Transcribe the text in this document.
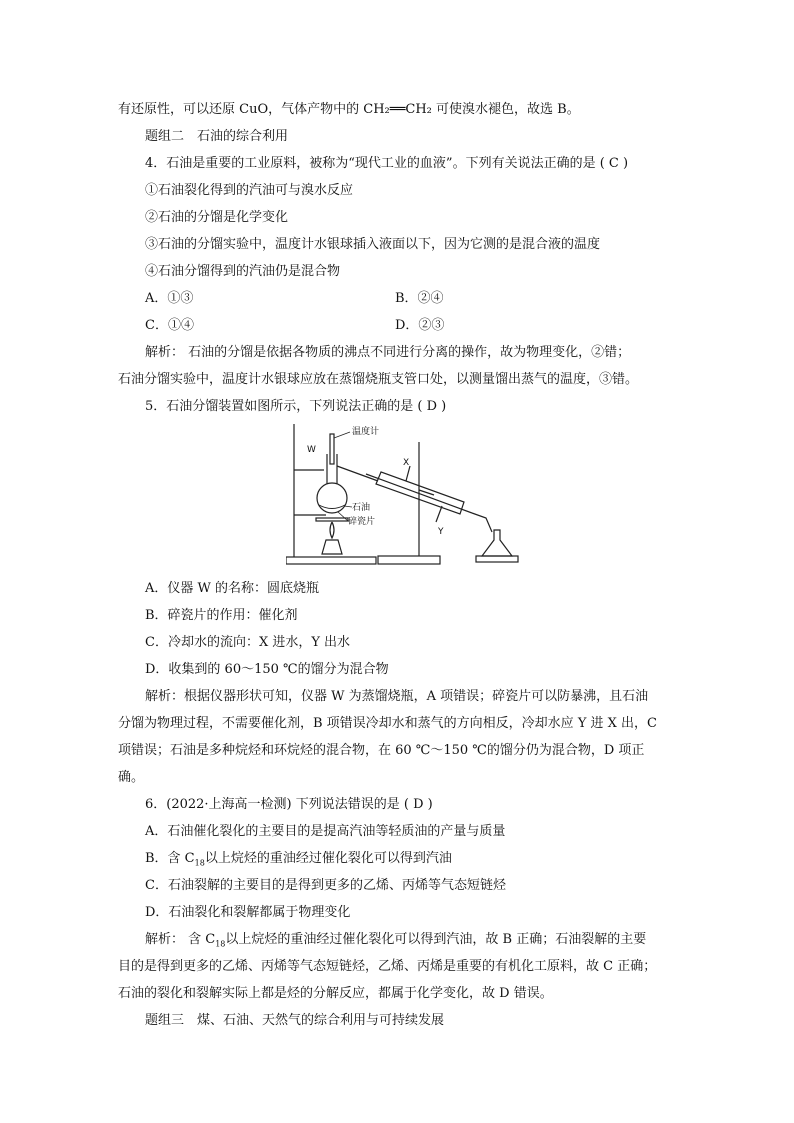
有还原性，可以还原 CuO，气体产物中的 CH₂══CH₂ 可使溴水褪色，故选 B。
题组二　石油的综合利用
4．石油是重要的工业原料，被称为“现代工业的血液”。下列有关说法正确的是 ( C )
①石油裂化得到的汽油可与溴水反应
②石油的分馏是化学变化
③石油的分馏实验中，温度计水银球插入液面以下，因为它测的是混合液的温度
④石油分馏得到的汽油仍是混合物
A．①③	B．②④
C．①④	D．②③
解析： 石油的分馏是依据各物质的沸点不同进行分离的操作，故为物理变化，②错；
石油分馏实验中，温度计水银球应放在蒸馏烧瓶支管口处，以测量馏出蒸气的温度，③错。
5．石油分馏装置如图所示，下列说法正确的是 ( D )
温度计
W
X
Y
石油
碎瓷片
A．仪器 W 的名称：圆底烧瓶
B．碎瓷片的作用：催化剂
C．冷却水的流向：X 进水，Y 出水
D．收集到的 60～150 ℃的馏分为混合物
解析：根据仪器形状可知，仪器 W 为蒸馏烧瓶，A 项错误；碎瓷片可以防暴沸，且石油
分馏为物理过程，不需要催化剂，B 项错误冷却水和蒸气的方向相反，冷却水应 Y 进 X 出，C
项错误；石油是多种烷烃和环烷烃的混合物，在 60 ℃～150 ℃的馏分仍为混合物，D 项正
确。
6．(2022·上海高一检测) 下列说法错误的是 ( D )
A．石油催化裂化的主要目的是提高汽油等轻质油的产量与质量
B．含 $C_{18}$以上烷烃的重油经过催化裂化可以得到汽油
C．石油裂解的主要目的是得到更多的乙烯、丙烯等气态短链烃
D．石油裂化和裂解都属于物理变化
解析： 含 $C_{18}$以上烷烃的重油经过催化裂化可以得到汽油，故 B 正确；石油裂解的主要
目的是得到更多的乙烯、丙烯等气态短链烃，乙烯、丙烯是重要的有机化工原料，故 C 正确；
石油的裂化和裂解实际上都是烃的分解反应，都属于化学变化，故 D 错误。
题组三　煤、石油、天然气的综合利用与可持续发展
